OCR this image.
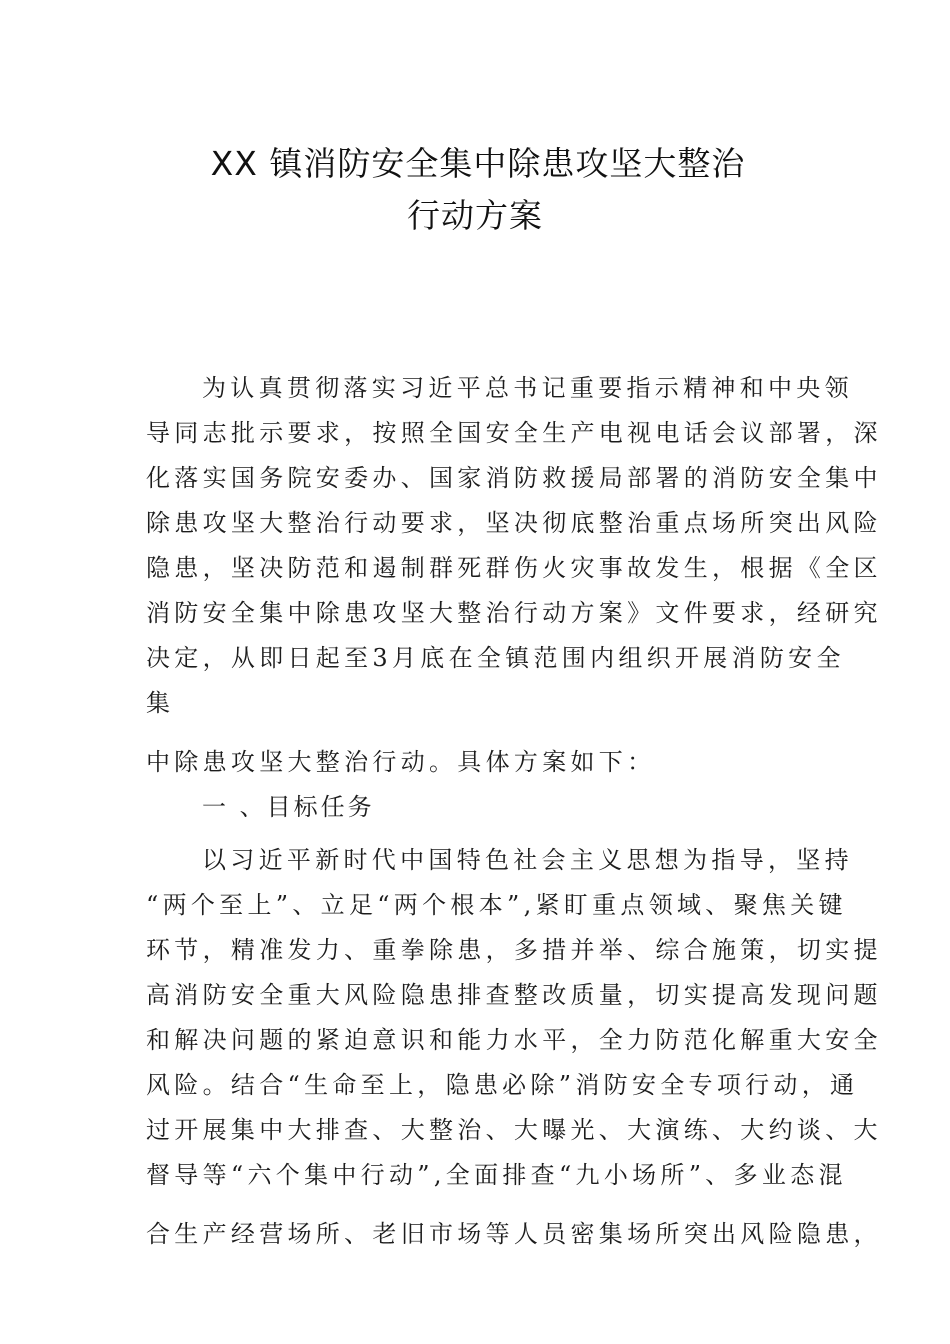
XX 镇消防安全集中除患攻坚大整治
行动方案
为认真贯彻落实习近平总书记重要指示精神和中央领
导同志批示要求，按照全国安全生产电视电话会议部署，深
化落实国务院安委办、国家消防救援局部署的消防安全集中
除患攻坚大整治行动要求，坚决彻底整治重点场所突出风险
隐患，坚决防范和遏制群死群伤火灾事故发生，根据《全区
消防安全集中除患攻坚大整治行动方案》文件要求，经研究
决定，从即日起至3月底在全镇范围内组织开展消防安全
集
中除患攻坚大整治行动。具体方案如下：
一 、目标任务
以习近平新时代中国特色社会主义思想为指导，坚持
“两个至上”、立足“两个根本”,紧盯重点领域、聚焦关键
环节，精准发力、重拳除患，多措并举、综合施策，切实提
高消防安全重大风险隐患排查整改质量，切实提高发现问题
和解决问题的紧迫意识和能力水平，全力防范化解重大安全
风险。结合“生命至上，隐患必除”消防安全专项行动，通
过开展集中大排查、大整治、大曝光、大演练、大约谈、大
督导等“六个集中行动”,全面排查“九小场所”、多业态混
合生产经营场所、老旧市场等人员密集场所突出风险隐患，
